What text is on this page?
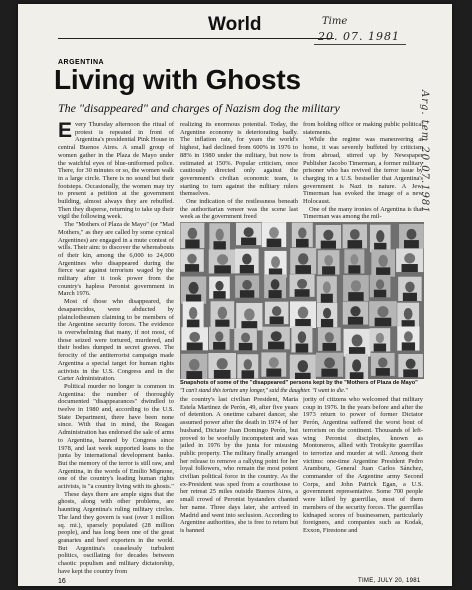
World	Time
20. 07. 1981
Arg. tem 20.07.1981
ARGENTINA
Living with Ghosts
The "disappeared" and charges of Nazism dog the military

Every Thursday afternoon the ritual of protest is repeated in front of Argentina's presidential Pink House in central Buenos Aires. A small group of women gather in the Plaza de Mayo under the watchful eyes of blue-uniformed police. There, for 30 minutes or so, the women walk in a large circle. There is no sound but their footsteps. Occasionally, the women may try to present a petition at the government building, almost always they are rebuffed. Then they disperse, returning to take up their vigil the following week.

The "Mothers of Plaza de Mayo" (or "Mad Mothers," as they are called by some cynical Argentines) are engaged in a mute contest of wills. Their aim: to discover the whereabouts of their kin, among the 6,000 to 24,000 Argentines who disappeared during the fierce war against terrorism waged by the military after it took power from the country's hapless Peronist government in March 1976.

Most of those who disappeared, the desaparecidos, were abducted by plainclothesmen claiming to be members of the Argentine security forces. The evidence is overwhelming that many, if not most, of those seized were tortured, murdered, and their bodies dumped in secret graves. The ferocity of the antiterrorist campaign made Argentina a special target for human rights activists in the U.S. Congress and in the Carter Administration.

Political murder no longer is common in Argentina: the number of thoroughly documented "disappearances" dwindled to twelve in 1980 and, according to the U.S. State Department, there have been none since. With that in mind, the Reagan Administration has endorsed the sale of arms to Argentina, banned by Congress since 1978, and last week supported loans to the junta by international development banks. But the memory of the terror is still raw, and Argentina, in the words of Emilio Mignone, one of the country's leading human rights activists, is "a country living with its ghosts."

These days there are ample signs that the ghosts, along with other problems, are haunting Argentina's ruling military circles. The land they govern is vast (over 1 million sq. mi.), sparsely populated (28 million people), and has long been one of the great granaries and beef exporters in the world. But Argentina's ceaselessly turbulent politics, oscillating for decades between chaotic populism and military dictatorship, have kept the country from

realizing its enormous potential. Today, the Argentine economy is deteriorating badly. The inflation rate, for years the world's highest, had declined from 600% in 1976 to 88% in 1980 under the military, but now is estimated at 150%. Popular criticism, once cautiously directed only against the government's civilian economic team, is starting to turn against the military rulers themselves.

One indication of the restlessness beneath the authoritarian veneer was the scene last week as the government freed

from holding office or making public political statements.

While the regime was maneuvering at home, it was severely buffeted by criticism from abroad, stirred up by Newspaper Publisher Jacobo Timerman, a former military prisoner who has revived the terror issue by charging in a U.S. bestseller that Argentina's government is Nazi in nature. A Jew, Timerman has evoked the image of a new Holocaust.

One of the many ironies of Argentina is that Timerman was among the mil-

Snapshots of some of the "disappeared" persons kept by the "Mothers of Plaza de Mayo"
"I can't stand this torture any longer," said the daughter. "I want to die."

the country's last civilian President, Maria Estela Martinez de Perón, 49, after five years of detention. A onetime cabaret dancer, she assumed power after the death in 1974 of her husband, Dictator Juan Domingo Perón, but proved to be woefully incompetent and was jailed in 1976 by the junta for misusing public property. The military finally arranged her release to remove a rallying point for her loyal followers, who remain the most potent civilian political force in the country. As the ex-President was sped from a courthouse to her retreat 25 miles outside Buenos Aires, a small crowd of Peronist bystanders chanted her name. Three days later, she arrived in Madrid and went into seclusion. According to Argentine authorities, she is free to return but is banned

jority of citizens who welcomed that military coup in 1976. In the years before and after the 1973 return to power of former Dictator Perón, Argentina suffered the worst bout of terrorism on the continent. Thousands of left-wing Peronist disciples, known as Montoneros, allied with Trotskyite guerrillas to terrorize and murder at will. Among their victims: one-time Argentine President Pedro Aramburu, General Juan Carlos Sánchez, commander of the Argentine army Second Corps, and John Patrick Egan, a U.S. government representative. Some 700 people were killed by guerrillas, most of them members of the security forces. The guerrillas kidnaped scores of businessmen, particularly foreigners, and companies such as Kodak, Exxon, Firestone and

16	TIME, JULY 20, 1981
